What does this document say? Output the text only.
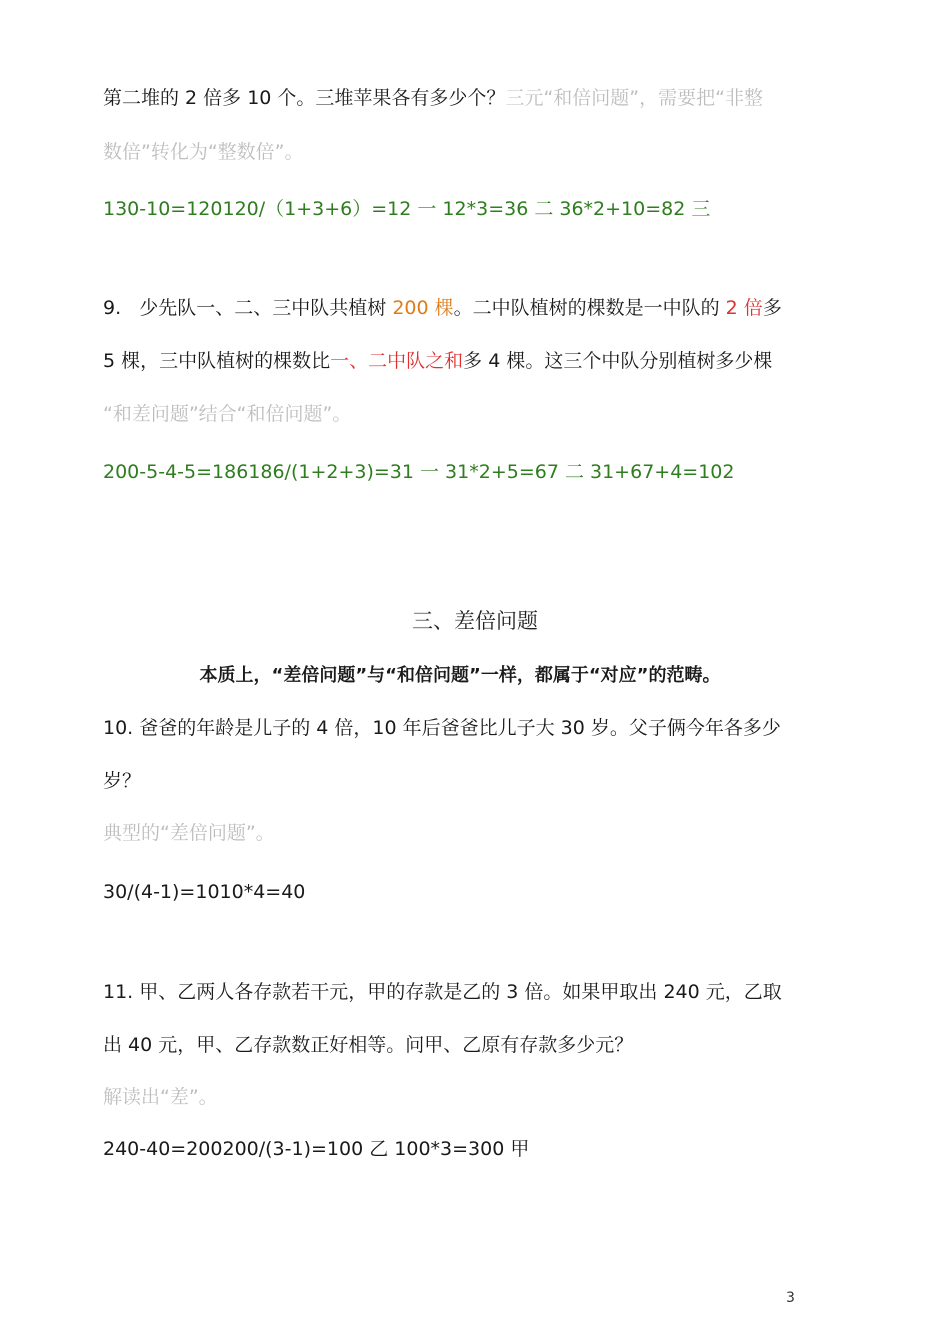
第二堆的 2 倍多 10 个。三堆苹果各有多少个？三元“和倍问题”，需要把“非整
数倍”转化为“整数倍”。
130-10=120120/（1+3+6）=12 一 12*3=36 二 36*2+10=82 三
9. 少先队一、二、三中队共植树 200 棵。二中队植树的棵数是一中队的 2 倍多
5 棵，三中队植树的棵数比一、二中队之和多 4 棵。这三个中队分别植树多少棵
“和差问题”结合“和倍问题”。
200-5-4-5=186186/(1+2+3)=31 一 31*2+5=67 二 31+67+4=102
三、差倍问题
本质上，“差倍问题”与“和倍问题”一样，都属于“对应”的范畴。
10. 爸爸的年龄是儿子的 4 倍，10 年后爸爸比儿子大 30 岁。父子俩今年各多少
岁？
典型的“差倍问题”。
30/(4-1)=1010*4=40
11. 甲、乙两人各存款若干元，甲的存款是乙的 3 倍。如果甲取出 240 元，乙取
出 40 元，甲、乙存款数正好相等。问甲、乙原有存款多少元？
解读出“差”。
240-40=200200/(3-1)=100 乙 100*3=300 甲
3
